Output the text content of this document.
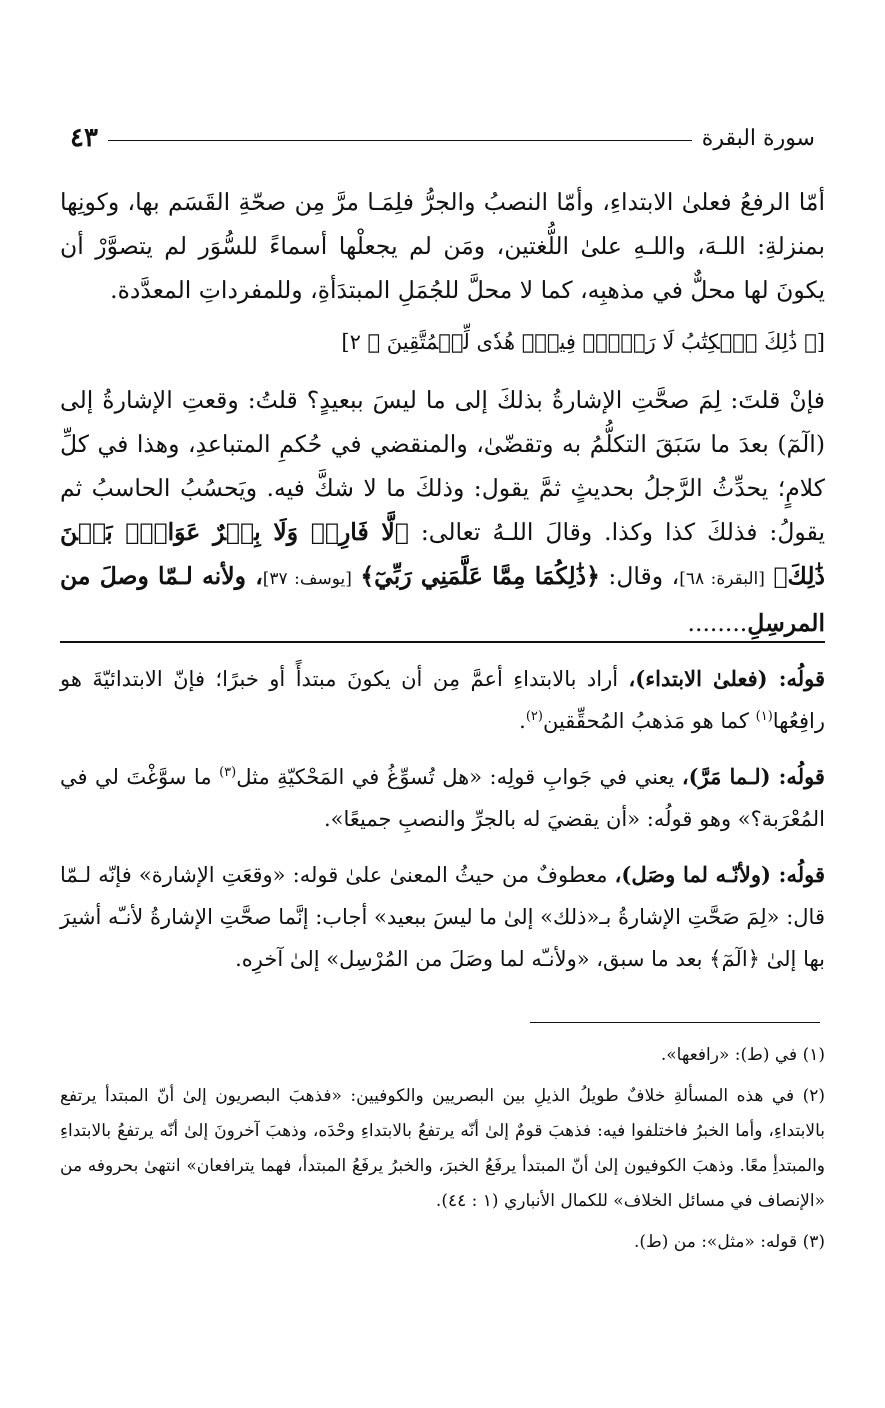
سورة البقرة
٤٣

أمّا الرفعُ فعلىٰ الابتداءِ، وأمّا النصبُ والجرُّ فلِمَـا مرَّ مِن صحّةِ القَسَم بها، وكونِها بمنزلةِ: اللـهَ، واللـهِ علىٰ اللُّغتين، ومَن لم يجعلْها أسماءً للسُّوَر لم يتصوَّرْ أن يكونَ لها محلٌّ في مذهبِه، كما لا محلَّ للجُمَلِ المبتدَأةِ، وللمفرداتِ المعدَّدة.

[﴿ ذَٰلِكَ ٱلۡكِتَٰبُ لَا رَيۡبَۛ فِيهِۛ هُدٗى لِّلۡمُتَّقِينَ ﴾ ٢]

فإنْ قلتَ: لِمَ صحَّتِ الإشارةُ بذلكَ إلى ما ليسَ ببعيدٍ؟ قلتُ: وقعتِ الإشارةُ إلى (الٓمٓ) بعدَ ما سَبَقَ التكلُّمُ به وتقضّىٰ، والمنقضي في حُكمِ المتباعدِ، وهذا في كلِّ كلامٍ؛ يحدِّثُ الرَّجلُ بحديثٍ ثمَّ يقول: وذلكَ ما لا شكَّ فيه. ويَحسُبُ الحاسبُ ثم يقولُ: فذلكَ كذا وكذا. وقالَ اللـهُ تعالى: ﴿لَّا فَارِضٞ وَلَا بِكۡرٌ عَوَانُۢ بَيۡنَ ذَٰلِكَ﴾ [البقرة: ٦٨]، وقال: ﴿ذَٰلِكُمَا مِمَّا عَلَّمَنِي رَبِّيٓ﴾ [يوسف: ٣٧]، ولأنه لـمّا وصلَ من المرسِلِ........

قولُه: (فعلىٰ الابتداء)، أراد بالابتداءِ أعمَّ مِن أن يكونَ مبتدأً أو خبرًا؛ فإنّ الابتدائيّةَ هو رافِعُها$^{(١)}$ كما هو مَذهبُ المُحقِّقين$^{(٢)}$.

قولُه: (لـما مَرَّ)، يعني في جَوابِ قولِه: «هل تُسوِّغُ في المَحْكيّةِ مثل$^{(٣)}$ ما سوَّغْتَ لي في المُعْرَبة؟» وهو قولُه: «أن يقضيَ له بالجرِّ والنصبِ جميعًا».

قولُه: (ولأنّـه لما وصَل)، معطوفٌ من حيثُ المعنىٰ علىٰ قوله: «وقعَتِ الإشارة» فإنّه لـمّا قال: «لِمَ صَحَّتِ الإشارةُ بـ«ذلك» إلىٰ ما ليسَ ببعيد» أجاب: إنَّما صحَّتِ الإشارةُ لأنـّه أشيرَ بها إلىٰ ﴿الٓمٓ﴾ بعد ما سبق، «ولأنـّه لما وصَلَ من المُرْسِل» إلىٰ آخرِه.

(١) في (ط): «رافعها».

(٢) في هذه المسألةِ خلافٌ طويلُ الذيلِ بين البصريين والكوفيين: «فذهبَ البصريون إلىٰ أنّ المبتدأ يرتفع بالابتداءِ، وأما الخبرُ فاختلفوا فيه: فذهبَ قومٌ إلىٰ أنّه يرتفعُ بالابتداءِ وحْدَه، وذهبَ آخرونَ إلىٰ أنّه يرتفعُ بالابتداءِ والمبتدأِ معًا. وذهبَ الكوفيون إلىٰ أنّ المبتدأ يرفَعُ الخبرَ، والخبرُ يرفَعُ المبتدأ، فهما يترافعان» انتهىٰ بحروفه من «الإنصاف في مسائل الخلاف» للكمال الأنباري (١ : ٤٤).

(٣) قوله: «مثل»: من (ط).
